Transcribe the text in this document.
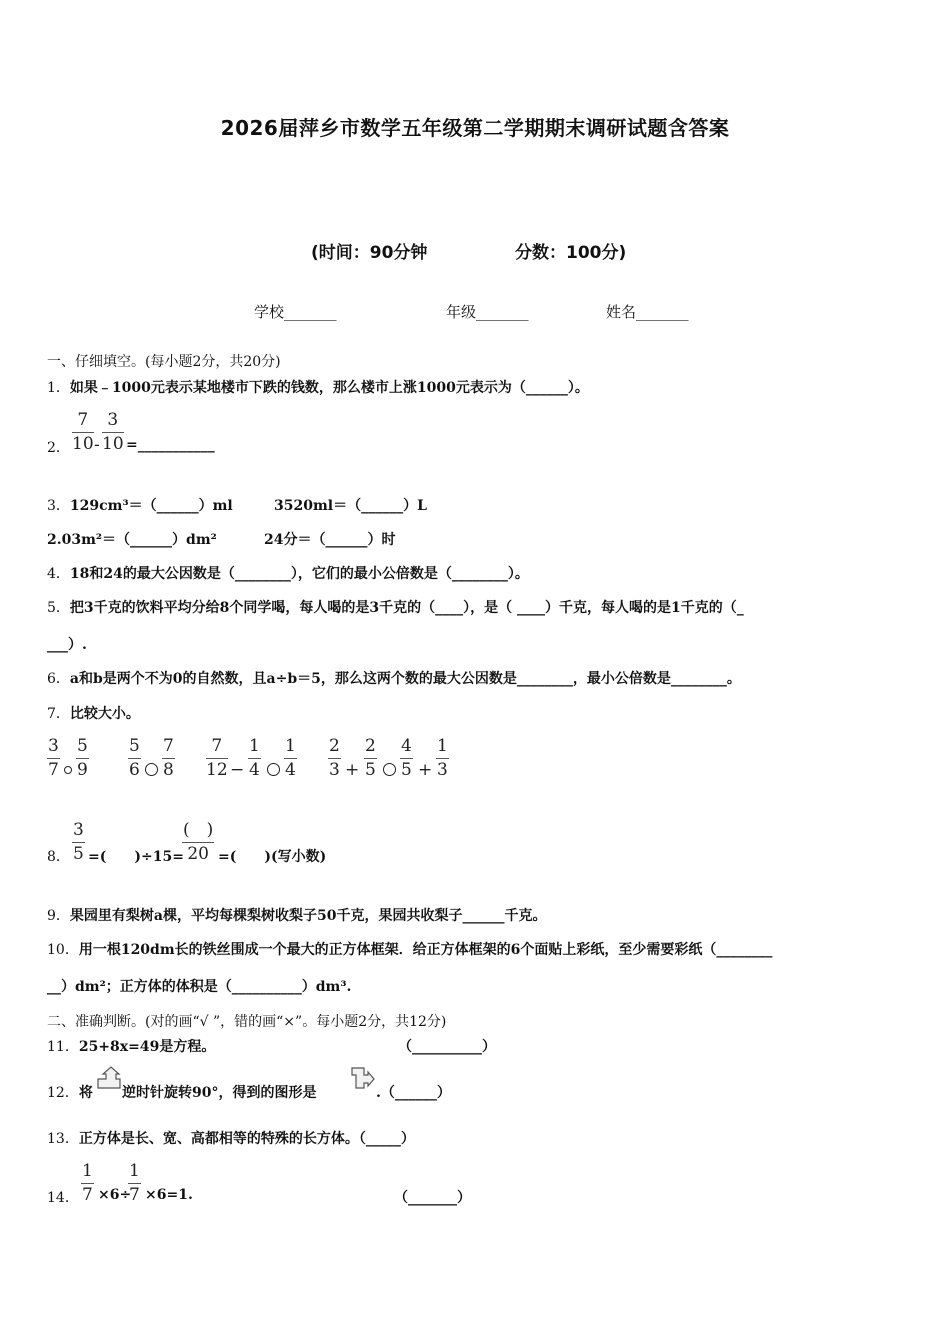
2026届萍乡市数学五年级第二学期期末调研试题含答案
(时间：90分钟	分数：100分)
学校_______	年级_______	姓名_______
一、仔细填空。(每小题2分，共20分)
1．如果﹣1000元表示某地楼市下跌的钱数，那么楼市上涨1000元表示为（______）。
2． $\frac{7}{10} - \frac{3}{10}$ =___________
3．129cm³＝（______）ml	3520ml＝（______）L
2.03m²＝（______）dm²	24分＝（______）时
4．18和24的最大公因数是（________），它们的最小公倍数是（________）。
5．把3千克的饮料平均分给8个同学喝，每人喝的是3千克的（____），是（ ____）千克，每人喝的是1千克的（_
___）.
6．a和b是两个不为0的自然数，且a÷b＝5，那么这两个数的最大公因数是________，最小公倍数是________。
7．比较大小。
$\frac{3}{7} \frac{5}{9} \frac{5}{6} \frac{7}{8} \frac{7}{12} - \frac{1}{4} \frac{1}{4} \frac{2}{3} + \frac{2}{5} \frac{4}{5} + \frac{1}{3}$
8． $\frac{3}{5}$ =(　　)÷15=
(　)
20 =(　　)(写小数)
9．果园里有梨树a棵，平均每棵梨树收梨子50千克，果园共收梨子______千克。
10．用一根120dm长的铁丝围成一个最大的正方体框架．给正方体框架的6个面贴上彩纸，至少需要彩纸（________
__）dm²；正方体的体积是（__________）dm³.
二、准确判断。(对的画“√ ”，错的画“×”。每小题2分，共12分)
11．25+8x=49是方程。	（__________）
12．将 逆时针旋转90°，得到的图形是	.（______）
13．正方体是长、宽、高都相等的特殊的长方体。（_____）
14． $\frac{1}{7} \times 6\div$
$\frac{1}{7} \times 6=1$.	（_______）
